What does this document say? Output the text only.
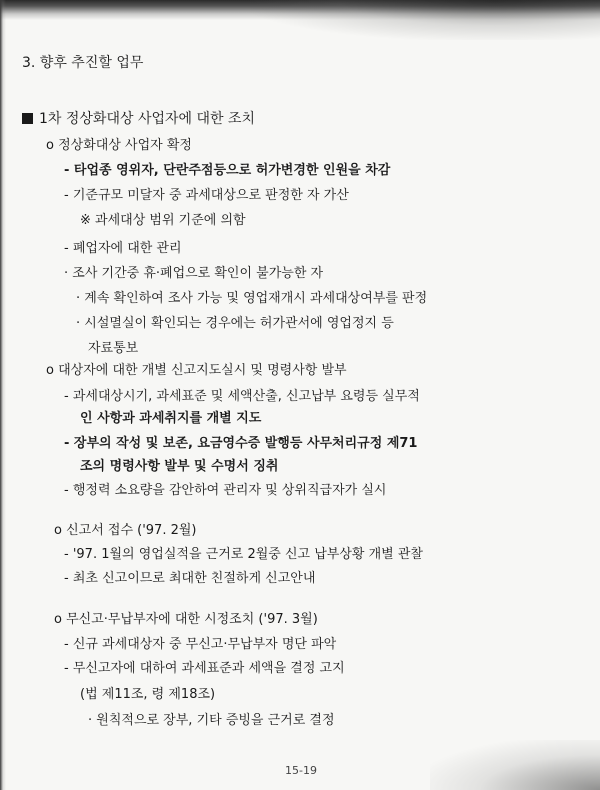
3. 향후 추진할 업무
1차 정상화대상 사업자에 대한 조치
ο 정상화대상 사업자 확정
- 타업종 영위자, 단란주점등으로 허가변경한 인원을 차감
- 기준규모 미달자 중 과세대상으로 판정한 자 가산
※ 과세대상 범위 기준에 의함
- 폐업자에 대한 관리
· 조사 기간중 휴·폐업으로 확인이 불가능한 자
· 계속 확인하여 조사 가능 및 영업재개시 과세대상여부를 판정
· 시설멸실이 확인되는 경우에는 허가관서에 영업정지 등
자료통보
ο 대상자에 대한 개별 신고지도실시 및 명령사항 발부
- 과세대상시기, 과세표준 및 세액산출, 신고납부 요령등 실무적
인 사항과 과세취지를 개별 지도
- 장부의 작성 및 보존, 요금영수증 발행등 사무처리규정 제71
조의 명령사항 발부 및 수명서 징취
- 행정력 소요량을 감안하여 관리자 및 상위직급자가 실시
ο 신고서 접수 ('97. 2월)
- '97. 1월의 영업실적을 근거로 2월중 신고 납부상황 개별 관찰
- 최초 신고이므로 최대한 친절하게 신고안내
ο 무신고·무납부자에 대한 시정조치 ('97. 3월)
- 신규 과세대상자 중 무신고·무납부자 명단 파악
- 무신고자에 대하여 과세표준과 세액을 결정 고지
(법 제11조, 령 제18조)
· 원칙적으로 장부, 기타 증빙을 근거로 결정
15-19
